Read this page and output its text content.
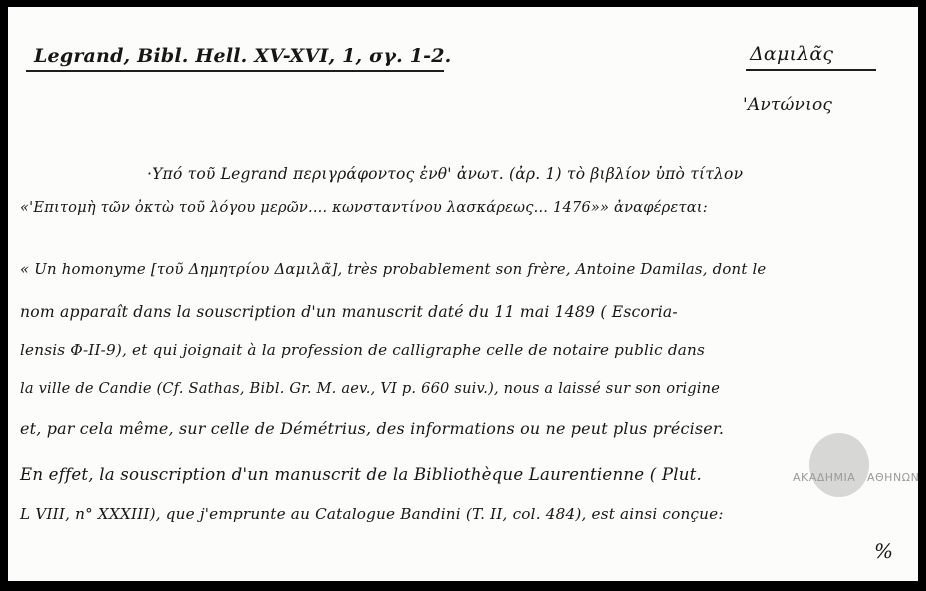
Legrand, Bibl. Hell. XV-XVI, 1, σγ. 1-2.	Δαμιλᾶς
'Αντώνιος
·Υπό τοῦ Legrand περιγράφοντος ἐνθ' ἀνωτ. (ἀρ. 1) τὸ βιβλίον ὑπὸ τίτλον
«'Επιτομὴ τῶν ὀκτὼ τοῦ λόγου μερῶν.... κωνσταντίνου λασκάρεως... 1476»» ἀναφέρεται:
« Un homonyme [τοῦ Δημητρίου Δαμιλᾶ], très probablement son frère, Antoine Damilas, dont le
nom apparaît dans la souscription d'un manuscrit daté du 11 mai 1489 ( Escoria-
lensis Φ-II-9), et qui joignait à la profession de calligraphe celle de notaire public dans
la ville de Candie (Cf. Sathas, Bibl. Gr. M. aev., VI p. 660 suiv.), nous a laissé sur son origine
et, par cela même, sur celle de Démétrius, des informations ou ne peut plus préciser.
En effet, la souscription d'un manuscrit de la Bibliothèque Laurentienne ( Plut.
L VIII, n° XXXIII), que j'emprunte au Catalogue Bandini (T. II, col. 484), est ainsi conçue:
%
ΑΚΑΔΗΜΙΑ ΑΘΗΝΩΝ
